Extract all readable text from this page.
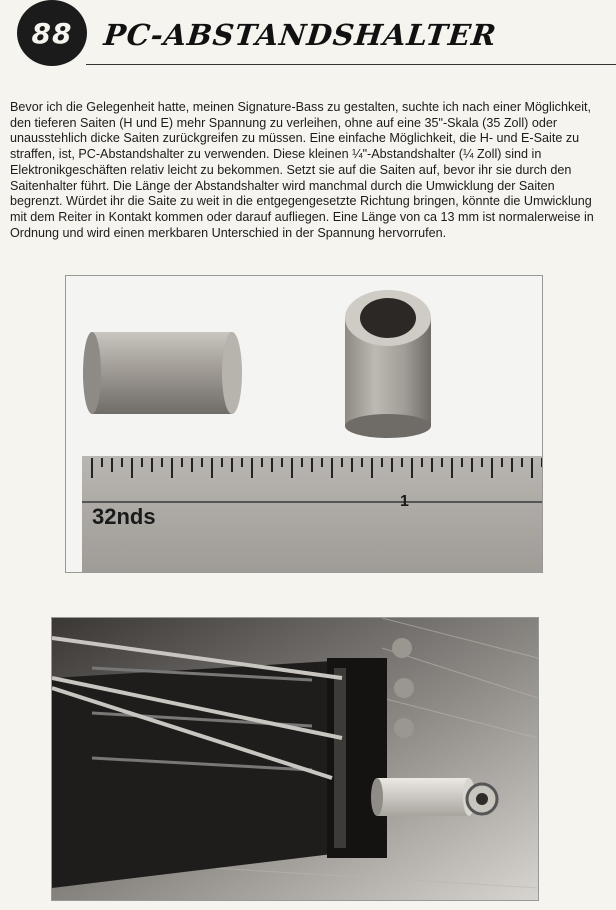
88 PC-ABSTANDSHALTER
Bevor ich die Gelegenheit hatte, meinen Signature-Bass zu gestalten, suchte ich nach einer Möglichkeit, den tieferen Saiten (H und E) mehr Spannung zu verleihen, ohne auf eine 35"-Skala (35 Zoll) oder unausstehlich dicke Saiten zurückgreifen zu müssen. Eine einfache Möglichkeit, die H- und E-Saite zu straffen, ist, PC-Abstandshalter zu verwenden. Diese kleinen ¼"-Abstandshalter (¼ Zoll) sind in Elektronikgeschäften relativ leicht zu bekommen. Setzt sie auf die Saiten auf, bevor ihr sie durch den Saitenhalter führt. Die Länge der Abstandshalter wird manchmal durch die Umwicklung der Saiten begrenzt. Würdet ihr die Saite zu weit in die entgegengesetzte Richtung bringen, könnte die Umwicklung mit dem Reiter in Kontakt kommen oder darauf aufliegen. Eine Länge von ca 13 mm ist normalerweise in Ordnung und wird einen merkbaren Unterschied in der Spannung hervorrufen.
32nds
1
